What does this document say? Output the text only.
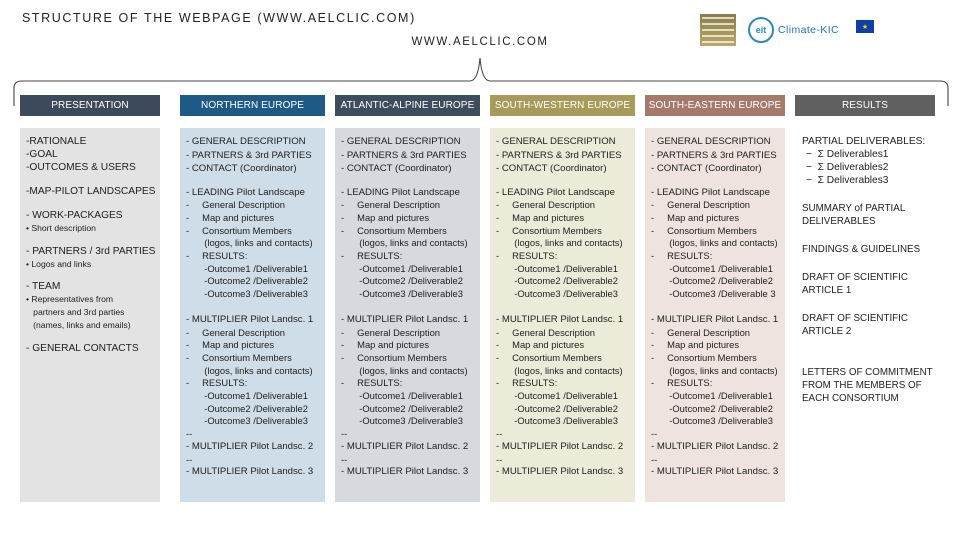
STRUCTURE OF THE WEBPAGE (WWW.AELCLIC.COM)
WWW.AELCLIC.COM
eit	Climate-KIC	★
PRESENTATION	NORTHERN EUROPE	ATLANTIC-ALPINE EUROPE	SOUTH-WESTERN EUROPE	SOUTH-EASTERN EUROPE	RESULTS
-RATIONALE
-GOAL
-OUTCOMES & USERS
-MAP-PILOT LANDSCAPES
- WORK-PACKAGES
• Short description
- PARTNERS / 3rd PARTIES
• Logos and links
- TEAM
• Representatives from
partners and 3rd parties
(names, links and emails)
- GENERAL CONTACTS
- GENERAL DESCRIPTION
- PARTNERS & 3rd PARTIES
- CONTACT (Coordinator)
- LEADING Pilot Landscape
-     General Description
-     Map and pictures
-     Consortium Members
(logos, links and contacts)
-     RESULTS:
-Outcome1 /Deliverable1
-Outcome2 /Deliverable2
-Outcome3 /Deliverable3
- MULTIPLIER Pilot Landsc. 1
-     General Description
-     Map and pictures
-     Consortium Members
(logos, links and contacts)
-     RESULTS:
-Outcome1 /Deliverable1
-Outcome2 /Deliverable2
-Outcome3 /Deliverable3
--
- MULTIPLIER Pilot Landsc. 2
--
- MULTIPLIER Pilot Landsc. 3
- GENERAL DESCRIPTION
- PARTNERS & 3rd PARTIES
- CONTACT (Coordinator)
- LEADING Pilot Landscape
-     General Description
-     Map and pictures
-     Consortium Members
(logos, links and contacts)
-     RESULTS:
-Outcome1 /Deliverable1
-Outcome2 /Deliverable2
-Outcome3 /Deliverable3
- MULTIPLIER Pilot Landsc. 1
-     General Description
-     Map and pictures
-     Consortium Members
(logos, links and contacts)
-     RESULTS:
-Outcome1 /Deliverable1
-Outcome2 /Deliverable2
-Outcome3 /Deliverable3
--
- MULTIPLIER Pilot Landsc. 2
--
- MULTIPLIER Pilot Landsc. 3
- GENERAL DESCRIPTION
- PARTNERS & 3rd PARTIES
- CONTACT (Coordinator)
- LEADING Pilot Landscape
-     General Description
-     Map and pictures
-     Consortium Members
(logos, links and contacts)
-     RESULTS:
-Outcome1 /Deliverable1
-Outcome2 /Deliverable2
-Outcome3 /Deliverable3
- MULTIPLIER Pilot Landsc. 1
-     General Description
-     Map and pictures
-     Consortium Members
(logos, links and contacts)
-     RESULTS:
-Outcome1 /Deliverable1
-Outcome2 /Deliverable2
-Outcome3 /Deliverable3
--
- MULTIPLIER Pilot Landsc. 2
--
- MULTIPLIER Pilot Landsc. 3
- GENERAL DESCRIPTION
- PARTNERS & 3rd PARTIES
- CONTACT (Coordinator)
- LEADING Pilot Landscape
-     General Description
-     Map and pictures
-     Consortium Members
(logos, links and contacts)
-     RESULTS:
-Outcome1 /Deliverable1
-Outcome2 /Deliverable2
-Outcome3 /Deliverable 3
- MULTIPLIER Pilot Landsc. 1
-     General Description
-     Map and pictures
-     Consortium Members
(logos, links and contacts)
-     RESULTS:
-Outcome1 /Deliverable1
-Outcome2 /Deliverable2
-Outcome3 /Deliverable3
--
- MULTIPLIER Pilot Landsc. 2
--
- MULTIPLIER Pilot Landsc. 3
PARTIAL DELIVERABLES:
−  Σ Deliverables1
−  Σ Deliverables2
−  Σ Deliverables3
SUMMARY of PARTIAL DELIVERABLES
FINDINGS & GUIDELINES
DRAFT OF SCIENTIFIC ARTICLE 1
DRAFT OF SCIENTIFIC ARTICLE 2
LETTERS OF COMMITMENT FROM THE MEMBERS OF EACH CONSORTIUM
